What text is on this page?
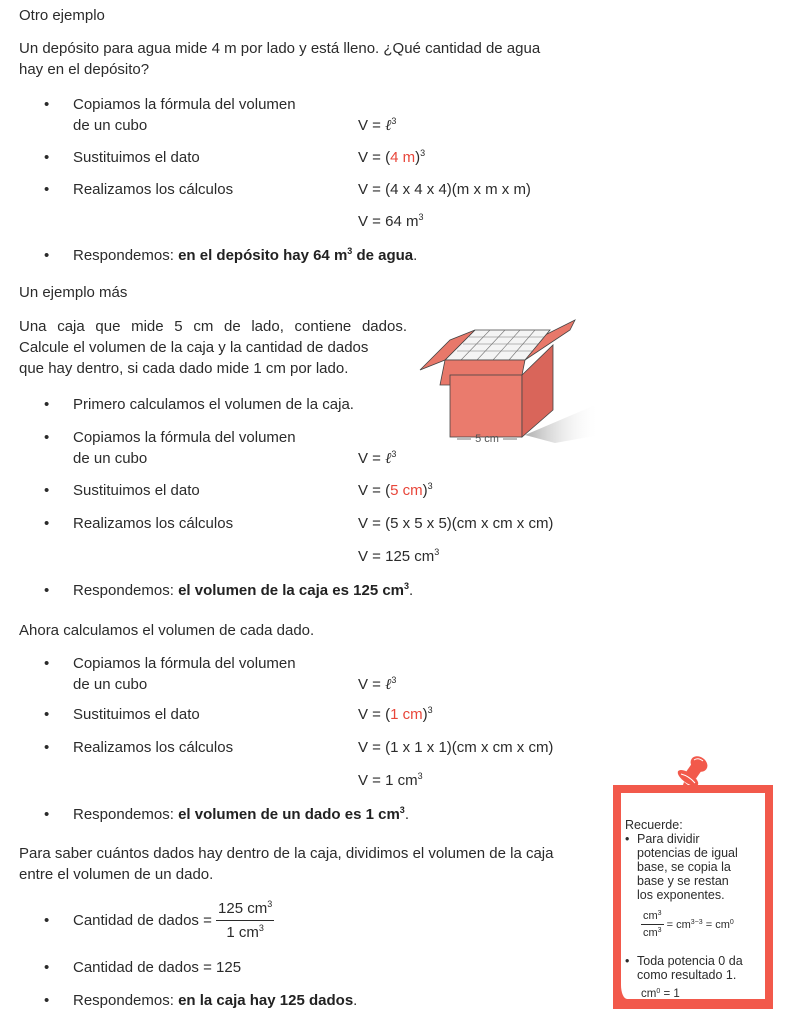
Otro ejemplo
Un depósito para agua mide 4 m por lado y está lleno. ¿Qué cantidad de agua
hay en el depósito?
• Copiamos la fórmula del volumen
de un cubo	V = ℓ$^3$
• Sustituimos el dato	V = (4 m)$^3$
• Realizamos los cálculos	V = (4 x 4 x 4)(m x m x m)
V = 64 $m^3$
• Respondemos: en el depósito hay 64 $m^3$ de agua.
Un ejemplo más
Una caja que mide 5 cm de lado, contiene dados.
Calcule el volumen de la caja y la cantidad de dados
que hay dentro, si cada dado mide 1 cm por lado.
5 cm
• Primero calculamos el volumen de la caja.
• Copiamos la fórmula del volumen
de un cubo	V = ℓ$^3$
• Sustituimos el dato	V = (5 cm)$^3$
• Realizamos los cálculos	V = (5 x 5 x 5)(cm x cm x cm)
V = 125 $cm^3$
• Respondemos: el volumen de la caja es 125 $cm^3$.
Ahora calculamos el volumen de cada dado.
• Copiamos la fórmula del volumen
de un cubo	V = ℓ$^3$
• Sustituimos el dato	V = (1 cm)$^3$
• Realizamos los cálculos	V = (1 x 1 x 1)(cm x cm x cm)
V = 1 $cm^3$
• Respondemos: el volumen de un dado es 1 $cm^3$.
Para saber cuántos dados hay dentro de la caja, dividimos el volumen de la caja
entre el volumen de un dado.
• Cantidad de dados = $\frac{125 cm^3}{1 cm^3}$
• Cantidad de dados = 125
• Respondemos: en la caja hay 125 dados.
Recuerde:
• Para dividir
potencias de igual
base, se copia la
base y se restan
los exponentes.
$\frac{cm^3}{cm^3} = cm^{3-3} = cm^0$
• Toda potencia 0 da
como resultado 1.
$cm^0 = 1$
